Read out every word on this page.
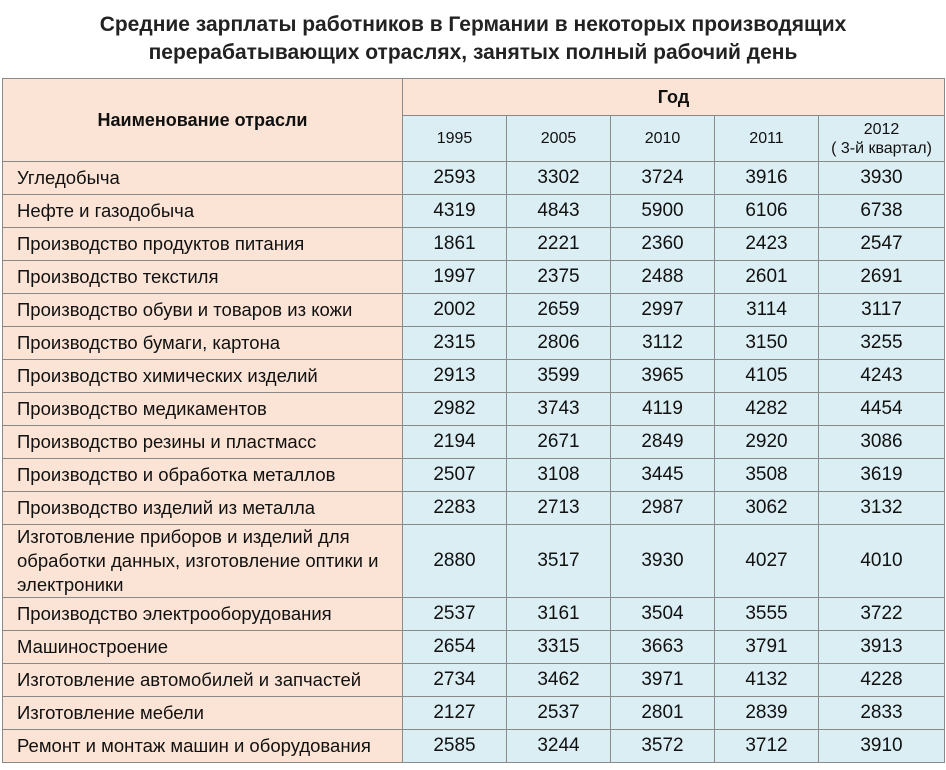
Средние зарплаты работников в Германии в некоторых производящих
перерабатывающих отраслях, занятых полный рабочий день
Наименование отрасли	Год				
	1995	2005	2010	2011	2012
( 3-й квартал)

Угледобыча	2593	3302	3724	3916	3930
Нефте и газодобыча	4319	4843	5900	6106	6738
Производство продуктов питания	1861	2221	2360	2423	2547
Производство текстиля	1997	2375	2488	2601	2691
Производство обуви и товаров из кожи	2002	2659	2997	3114	3117
Производство бумаги, картона	2315	2806	3112	3150	3255
Производство химических изделий	2913	3599	3965	4105	4243
Производство медикаментов	2982	3743	4119	4282	4454
Производство резины и пластмасс	2194	2671	2849	2920	3086
Производство и обработка металлов	2507	3108	3445	3508	3619
Производство изделий из металла	2283	2713	2987	3062	3132
Изготовление приборов и изделий для обработки данных, изготовление оптики и электроники	2880	3517	3930	4027	4010
Производство электрооборудования	2537	3161	3504	3555	3722
Машиностроение	2654	3315	3663	3791	3913
Изготовление автомобилей и запчастей	2734	3462	3971	4132	4228
Изготовление мебели	2127	2537	2801	2839	2833
Ремонт и монтаж машин и оборудования	2585	3244	3572	3712	3910
